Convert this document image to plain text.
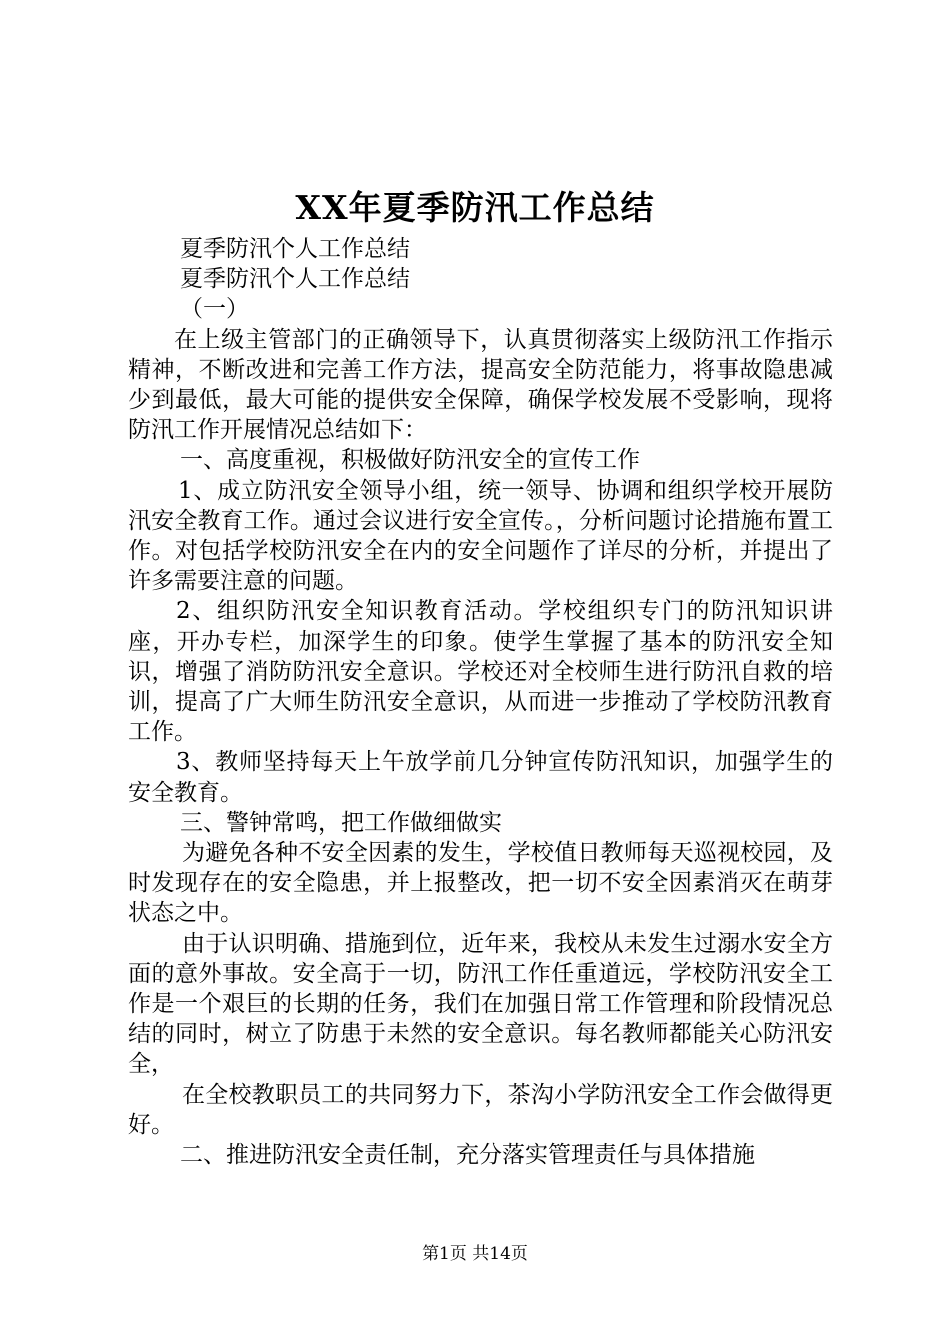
XX年夏季防汛工作总结

夏季防汛个人工作总结

夏季防汛个人工作总结

（一）

在上级主管部门的正确领导下，认真贯彻落实上级防汛工作指示精神，不断改进和完善工作方法，提高安全防范能力，将事故隐患减少到最低，最大可能的提供安全保障，确保学校发展不受影响，现将防汛工作开展情况总结如下：

一、高度重视，积极做好防汛安全的宣传工作

1、成立防汛安全领导小组，统一领导、协调和组织学校开展防汛安全教育工作。通过会议进行安全宣传。，分析问题讨论措施布置工作。对包括学校防汛安全在内的安全问题作了详尽的分析，并提出了许多需要注意的问题。

2、组织防汛安全知识教育活动。学校组织专门的防汛知识讲座，开办专栏，加深学生的印象。使学生掌握了基本的防汛安全知识，增强了消防防汛安全意识。学校还对全校师生进行防汛自救的培训，提高了广大师生防汛安全意识，从而进一步推动了学校防汛教育工作。

3、教师坚持每天上午放学前几分钟宣传防汛知识，加强学生的安全教育。

三、警钟常鸣，把工作做细做实

为避免各种不安全因素的发生，学校值日教师每天巡视校园，及时发现存在的安全隐患，并上报整改，把一切不安全因素消灭在萌芽状态之中。

由于认识明确、措施到位，近年来，我校从未发生过溺水安全方面的意外事故。安全高于一切，防汛工作任重道远，学校防汛安全工作是一个艰巨的长期的任务，我们在加强日常工作管理和阶段情况总结的同时，树立了防患于未然的安全意识。每名教师都能关心防汛安全，

在全校教职员工的共同努力下，茶沟小学防汛安全工作会做得更好。

二、推进防汛安全责任制，充分落实管理责任与具体措施

第1页 共14页
